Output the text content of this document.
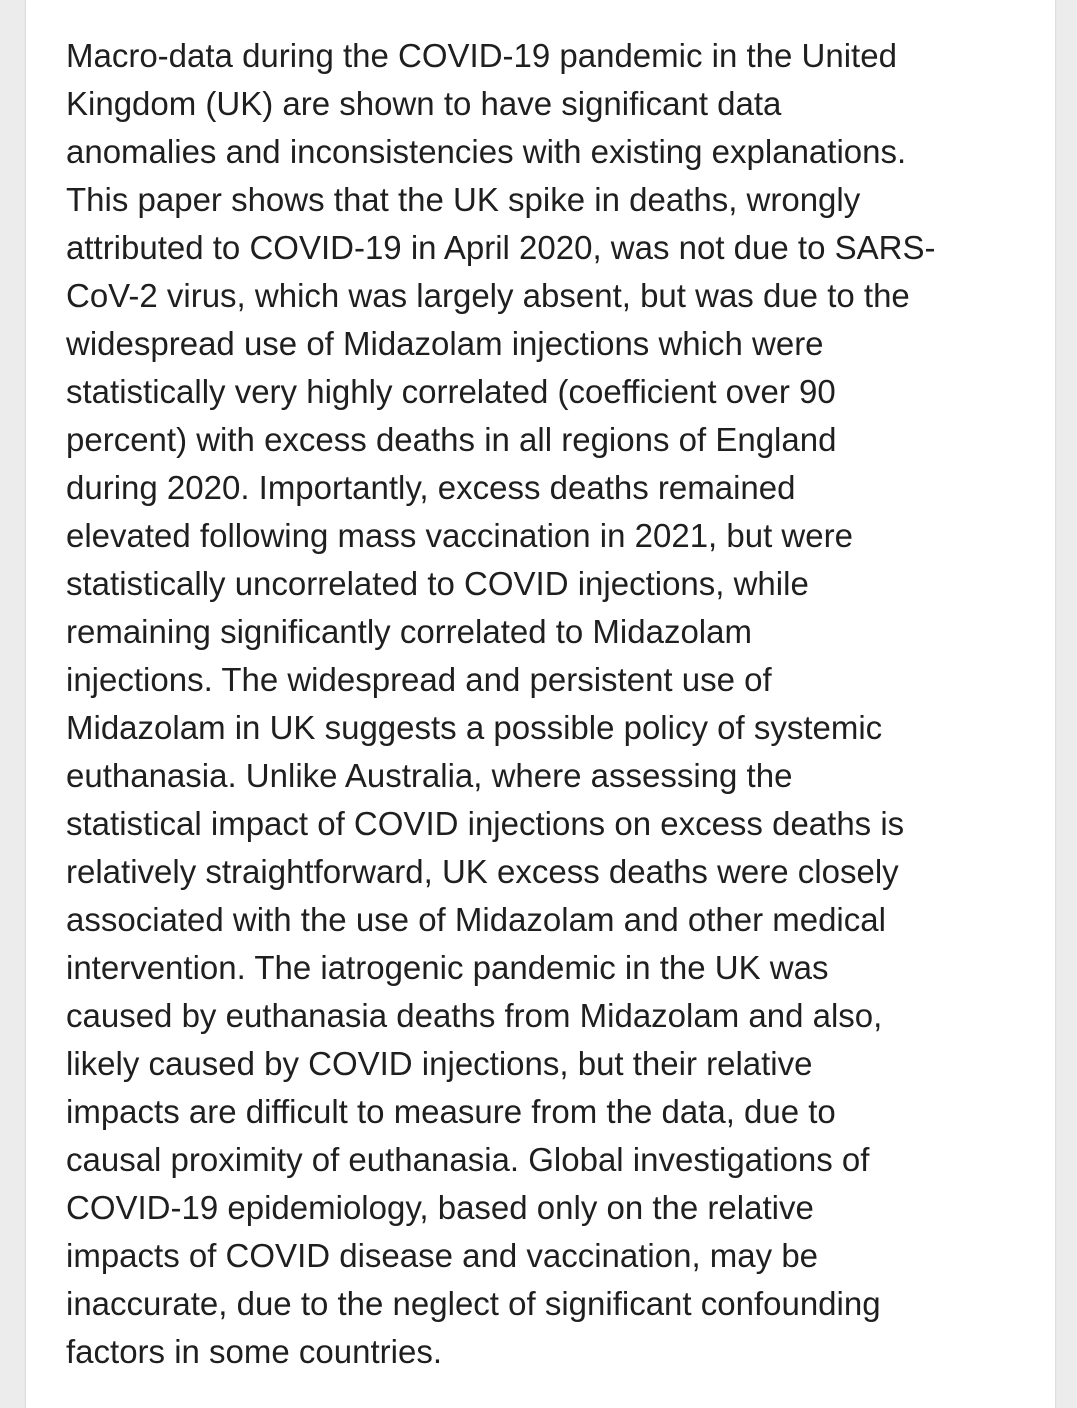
Macro-data during the COVID-19 pandemic in the United
Kingdom (UK) are shown to have significant data
anomalies and inconsistencies with existing explanations.
This paper shows that the UK spike in deaths, wrongly
attributed to COVID-19 in April 2020, was not due to SARS-
CoV-2 virus, which was largely absent, but was due to the
widespread use of Midazolam injections which were
statistically very highly correlated (coefficient over 90
percent) with excess deaths in all regions of England
during 2020. Importantly, excess deaths remained
elevated following mass vaccination in 2021, but were
statistically uncorrelated to COVID injections, while
remaining significantly correlated to Midazolam
injections. The widespread and persistent use of
Midazolam in UK suggests a possible policy of systemic
euthanasia. Unlike Australia, where assessing the
statistical impact of COVID injections on excess deaths is
relatively straightforward, UK excess deaths were closely
associated with the use of Midazolam and other medical
intervention. The iatrogenic pandemic in the UK was
caused by euthanasia deaths from Midazolam and also,
likely caused by COVID injections, but their relative
impacts are difficult to measure from the data, due to
causal proximity of euthanasia. Global investigations of
COVID-19 epidemiology, based only on the relative
impacts of COVID disease and vaccination, may be
inaccurate, due to the neglect of significant confounding
factors in some countries.
